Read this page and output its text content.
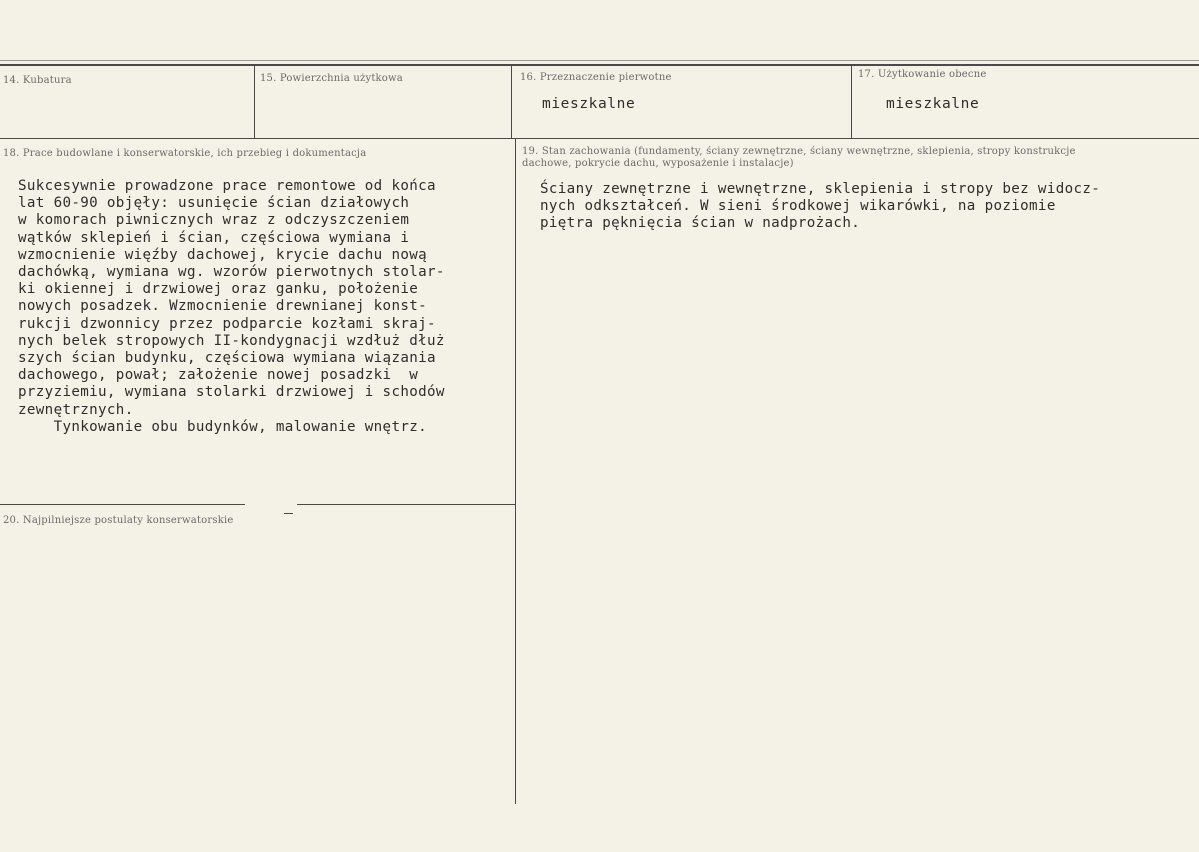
14. Kubatura	15. Powierzchnia użytkowa	16. Przeznaczenie pierwotne
mieszkalne
17. Użytkowanie obecne
mieszkalne
18. Prace budowlane i konserwatorskie, ich przebieg i dokumentacja
Sukcesywnie prowadzone prace remontowe od końca
lat 60-90 objęły: usunięcie ścian działowych
w komorach piwnicznych wraz z odczyszczeniem
wątków sklepień i ścian, częściowa wymiana i
wzmocnienie więźby dachowej, krycie dachu nową
dachówką, wymiana wg. wzorów pierwotnych stolar-
ki okiennej i drzwiowej oraz ganku, położenie
nowych posadzek. Wzmocnienie drewnianej konst-
rukcji dzwonnicy przez podparcie kozłami skraj-
nych belek stropowych II-kondygnacji wzdłuż dłuż
szych ścian budynku, częściowa wymiana wiązania
dachowego, pował; założenie nowej posadzki  w
przyziemiu, wymiana stolarki drzwiowej i schodów
zewnętrznych.
Tynkowanie obu budynków, malowanie wnętrz.
19. Stan zachowania (fundamenty, ściany zewnętrzne, ściany wewnętrzne, sklepienia, stropy konstrukcje dachowe, pokrycie dachu, wyposażenie i instalacje)
Ściany zewnętrzne i wewnętrzne, sklepienia i stropy bez widocz-
nych odkształceń. W sieni środkowej wikarówki, na poziomie
piętra pęknięcia ścian w nadprożach.
20. Najpilniejsze postulaty konserwatorskie
